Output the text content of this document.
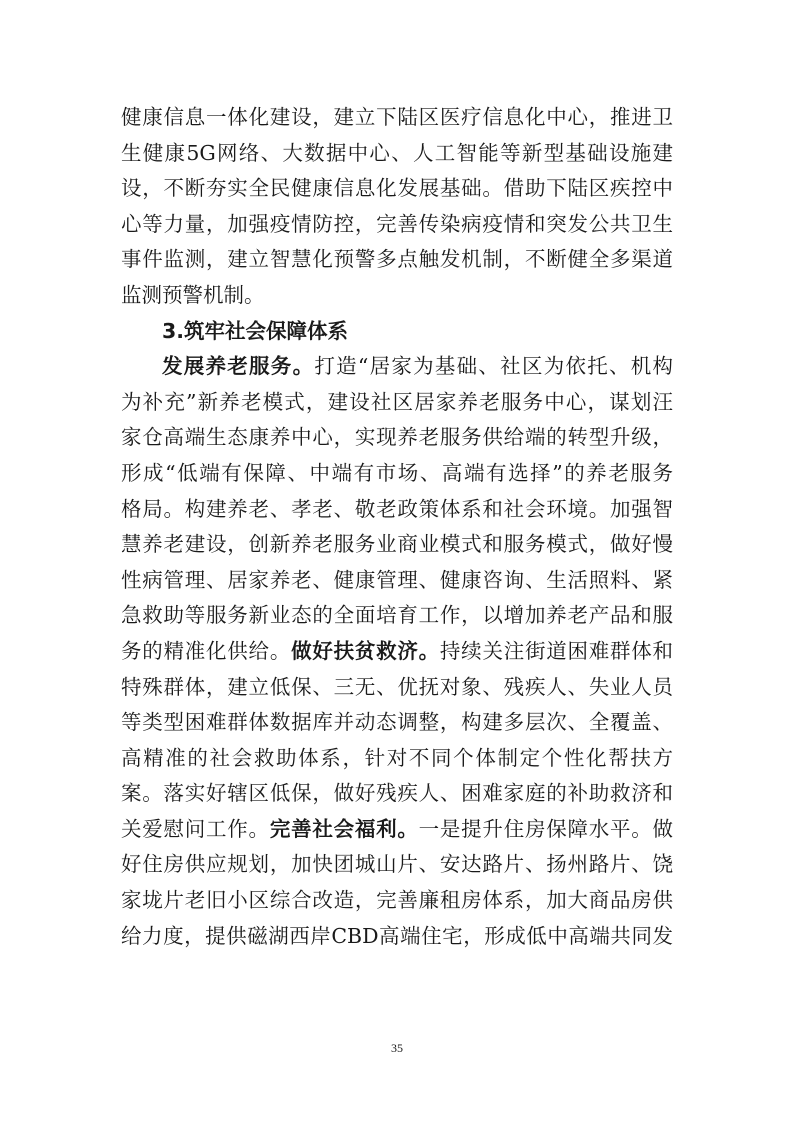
健康信息一体化建设，建立下陆区医疗信息化中心，推进卫
生健康5G网络、大数据中心、人工智能等新型基础设施建
设，不断夯实全民健康信息化发展基础。借助下陆区疾控中
心等力量，加强疫情防控，完善传染病疫情和突发公共卫生
事件监测，建立智慧化预警多点触发机制，不断健全多渠道
监测预警机制。
3.筑牢社会保障体系
发展养老服务。打造“居家为基础、社区为依托、机构
为补充”新养老模式，建设社区居家养老服务中心，谋划汪
家仓高端生态康养中心，实现养老服务供给端的转型升级，
形成“低端有保障、中端有市场、高端有选择”的养老服务
格局。构建养老、孝老、敬老政策体系和社会环境。加强智
慧养老建设，创新养老服务业商业模式和服务模式，做好慢
性病管理、居家养老、健康管理、健康咨询、生活照料、紧
急救助等服务新业态的全面培育工作，以增加养老产品和服
务的精准化供给。做好扶贫救济。持续关注街道困难群体和
特殊群体，建立低保、三无、优抚对象、残疾人、失业人员
等类型困难群体数据库并动态调整，构建多层次、全覆盖、
高精准的社会救助体系，针对不同个体制定个性化帮扶方
案。落实好辖区低保，做好残疾人、困难家庭的补助救济和
关爱慰问工作。完善社会福利。一是提升住房保障水平。做
好住房供应规划，加快团城山片、安达路片、扬州路片、饶
家垅片老旧小区综合改造，完善廉租房体系，加大商品房供
给力度，提供磁湖西岸CBD高端住宅，形成低中高端共同发
35
